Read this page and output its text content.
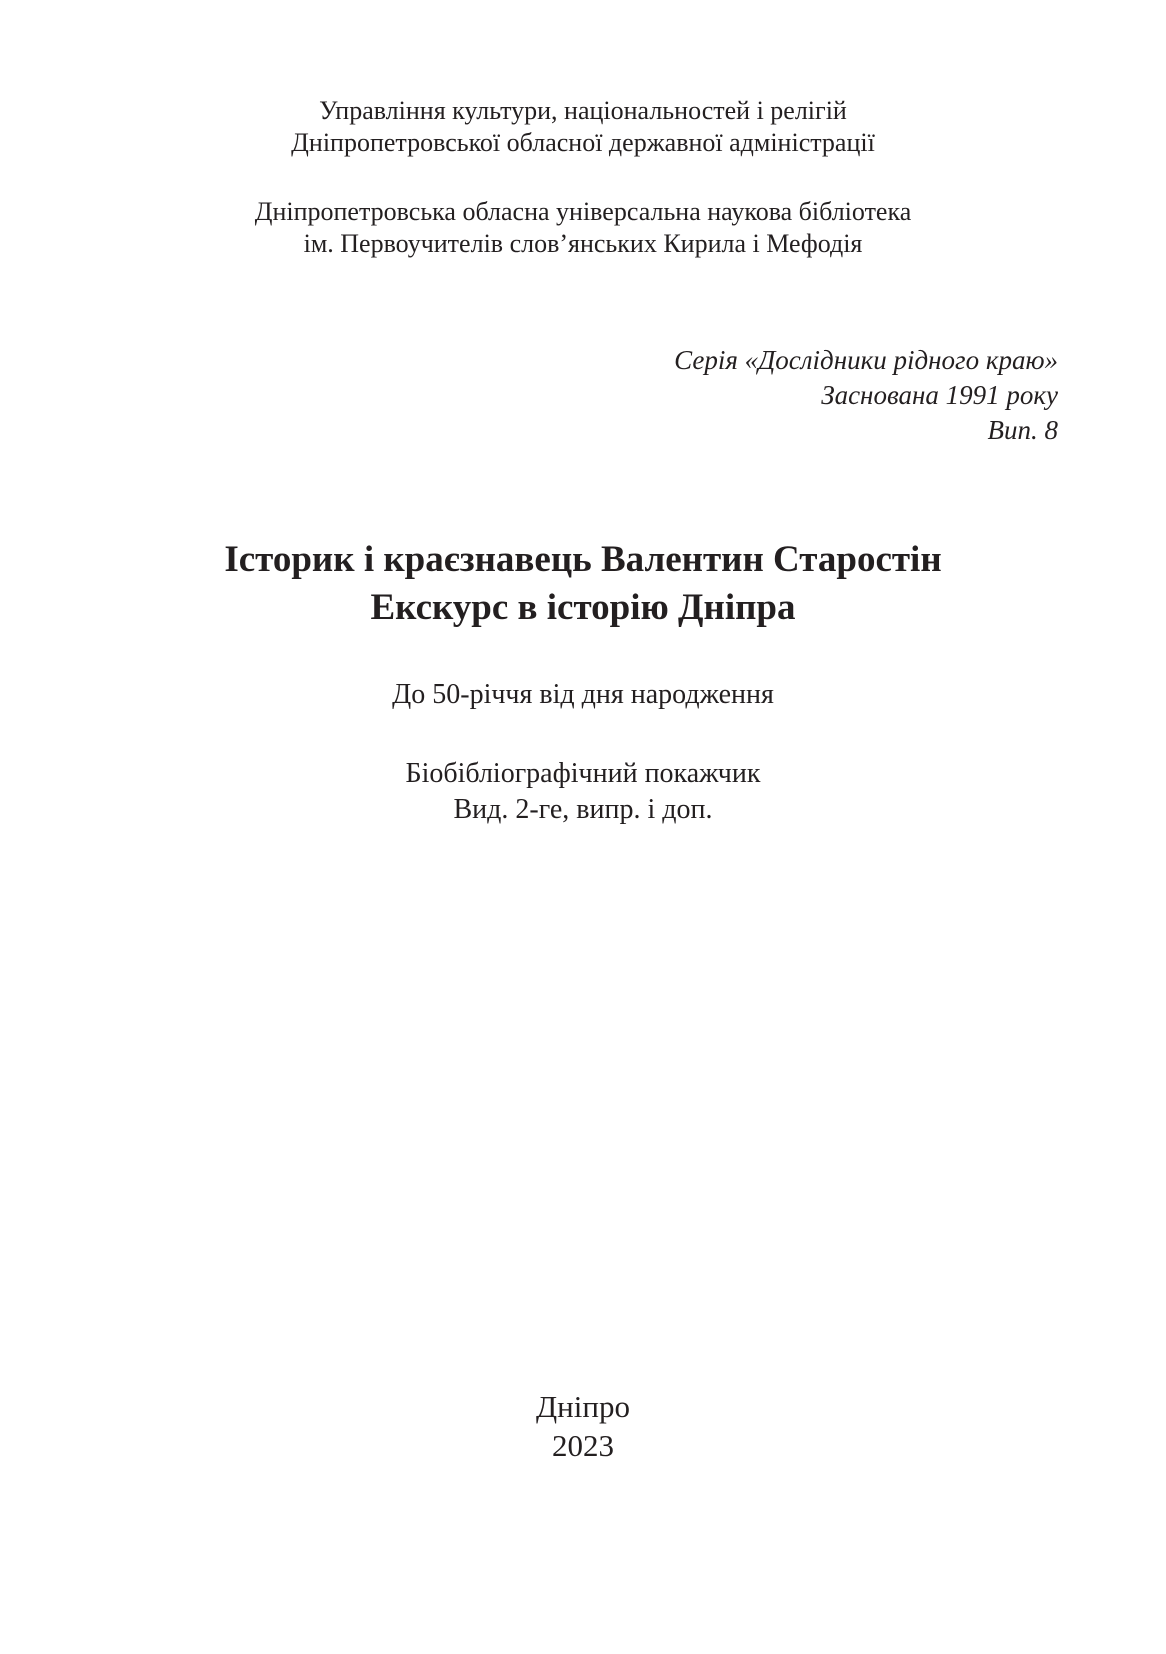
Управління культури, національностей і релігій
Дніпропетровської обласної державної адміністрації
Дніпропетровська обласна універсальна наукова бібліотека
ім. Первоучителів слов’янських Кирила і Мефодія
Серія «Дослідники рідного краю»
Заснована 1991 року
Вип. 8
Історик і краєзнавець Валентин Старостін
Екскурс в історію Дніпра
До 50-річчя від дня народження
Біобібліографічний покажчик
Вид. 2-ге, випр. і доп.
Дніпро
2023
